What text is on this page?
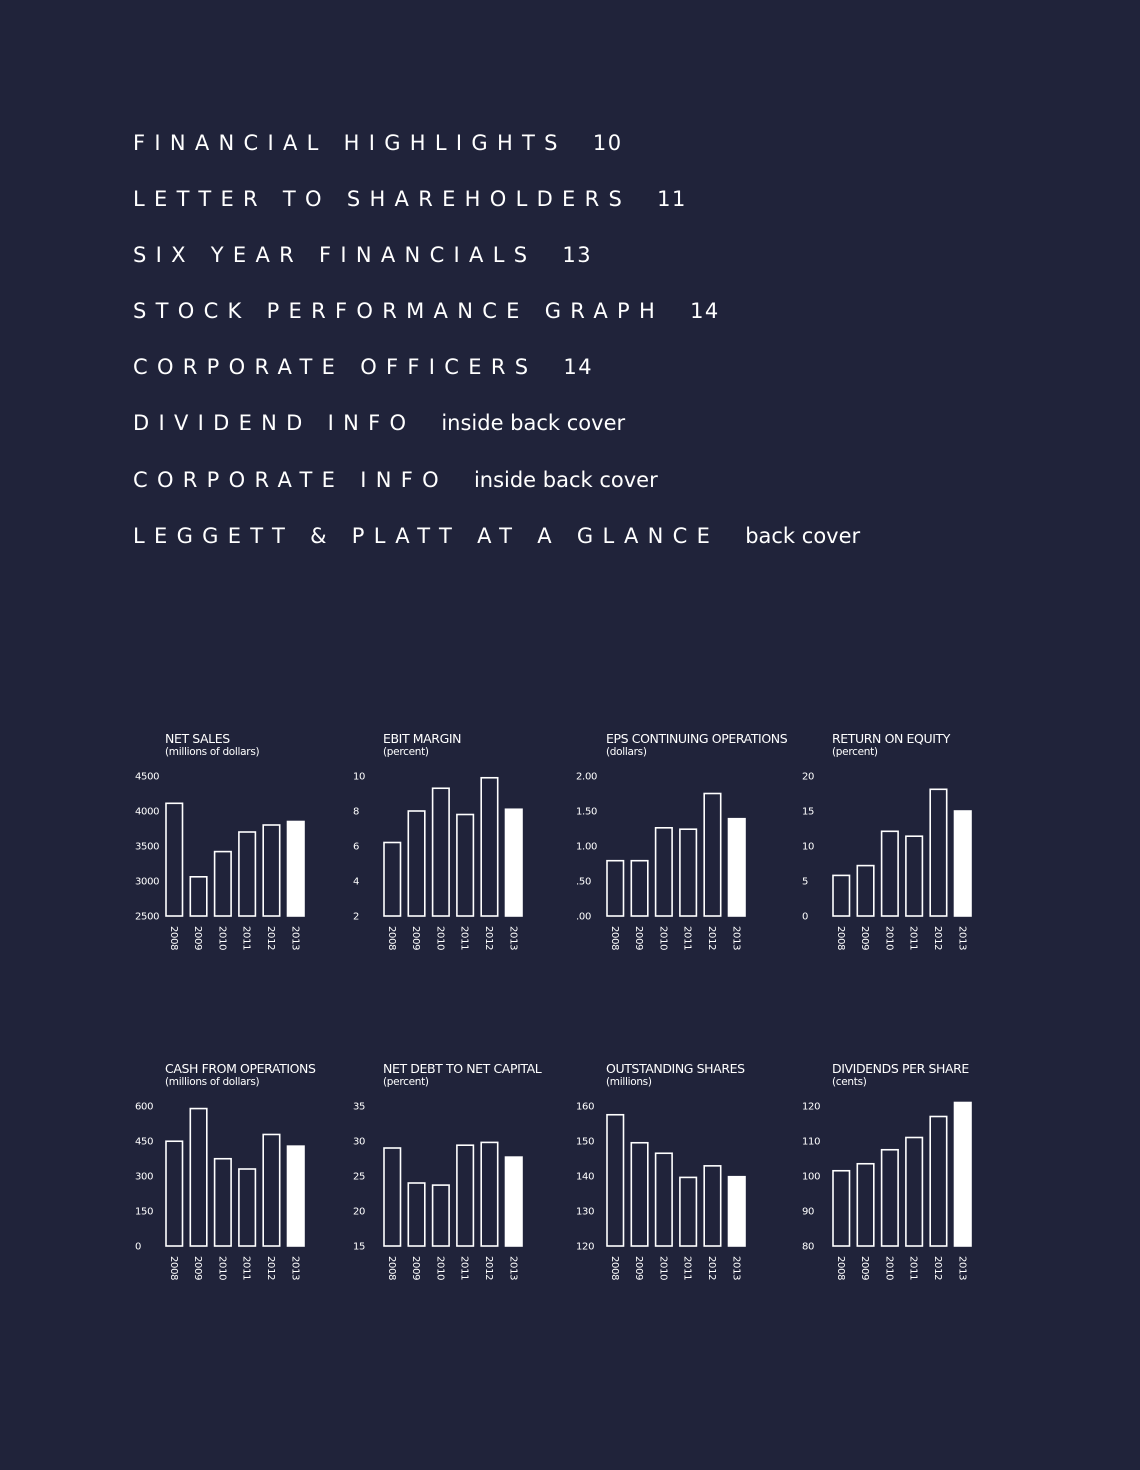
FINANCIAL HIGHLIGHTS 10
LETTER TO SHAREHOLDERS 11
SIX YEAR FINANCIALS 13
STOCK PERFORMANCE GRAPH 14
CORPORATE OFFICERS 14
DIVIDEND INFO inside back cover
CORPORATE INFO inside back cover
LEGGETT & PLATT AT A GLANCE back cover
NET SALES
(millions of dollars)
4500
4000
3500
3000
2500
2008 2009 2010 2011 2012 2013
EBIT MARGIN
(percent)
10
8
6
4
2
2008 2009 2010 2011 2012 2013
EPS CONTINUING OPERATIONS
(dollars)
2.00
1.50
1.00
.50
.00
2008 2009 2010 2011 2012 2013
RETURN ON EQUITY
(percent)
20
15
10
5
0
2008 2009 2010 2011 2012 2013
CASH FROM OPERATIONS
(millions of dollars)
600
450
300
150
0
2008 2009 2010 2011 2012 2013
NET DEBT TO NET CAPITAL
(percent)
35
30
25
20
15
2008 2009 2010 2011 2012 2013
OUTSTANDING SHARES
(millions)
160
150
140
130
120
2008 2009 2010 2011 2012 2013
DIVIDENDS PER SHARE
(cents)
120
110
100
90
80
2008 2009 2010 2011 2012 2013
